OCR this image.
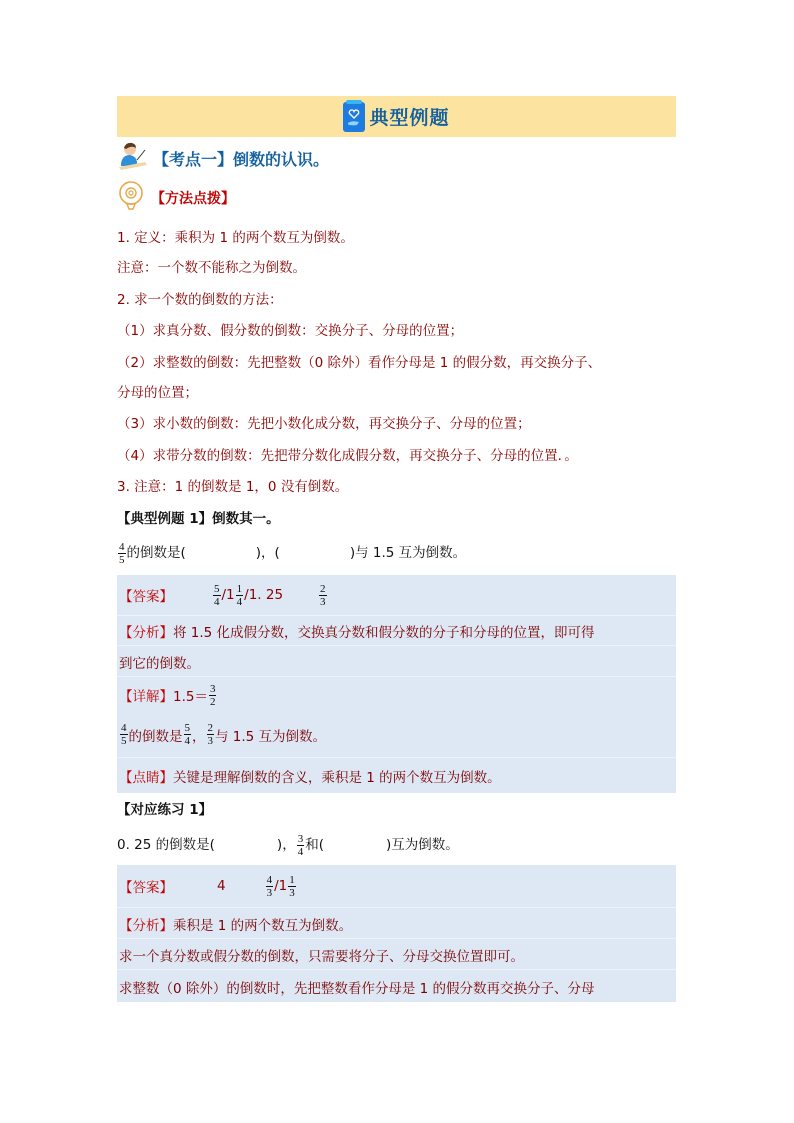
典型例题
【考点一】倒数的认识。
【方法点拨】
1. 定义：乘积为 1 的两个数互为倒数。
注意：一个数不能称之为倒数。
2. 求一个数的倒数的方法：
（1）求真分数、假分数的倒数：交换分子、分母的位置；
（2）求整数的倒数：先把整数（0 除外）看作分母是 1 的假分数，再交换分子、
分母的位置；
（3）求小数的倒数：先把小数化成分数，再交换分子、分母的位置；
（4）求带分数的倒数：先把带分数化成假分数，再交换分子、分母的位置．。
3. 注意：1 的倒数是 1，0 没有倒数。
【典型例题 1】倒数其一。
$\frac{4}{5}$ 的倒数是(	)，(	)与 1.5 互为倒数。
【答案】	$\frac{5}{4} /1 \frac{1}{4} /1$. 25	$\frac{2}{3}$
【分析】 将 1.5 化成假分数，交换真分数和假分数的分子和分母的位置，即可得
到它的倒数。
【详解】 $1.5= \frac{3}{2}$
$\frac{4}{5}$ 的倒数是 $\frac{5}{4}$ ， $\frac{2}{3}$ 与 1.5 互为倒数。
【点睛】 关键是理解倒数的含义，乘积是 1 的两个数互为倒数。
【对应练习 1】
0. 25 的倒数是(	)， $\frac{3}{4}$ 和(	)互为倒数。
【答案】	4	$\frac{4}{3} /1 \frac{1}{3}$
【分析】 乘积是 1 的两个数互为倒数。
求一个真分数或假分数的倒数，只需要将分子、分母交换位置即可。
求整数（0 除外）的倒数时，先把整数看作分母是 1 的假分数再交换分子、分母
